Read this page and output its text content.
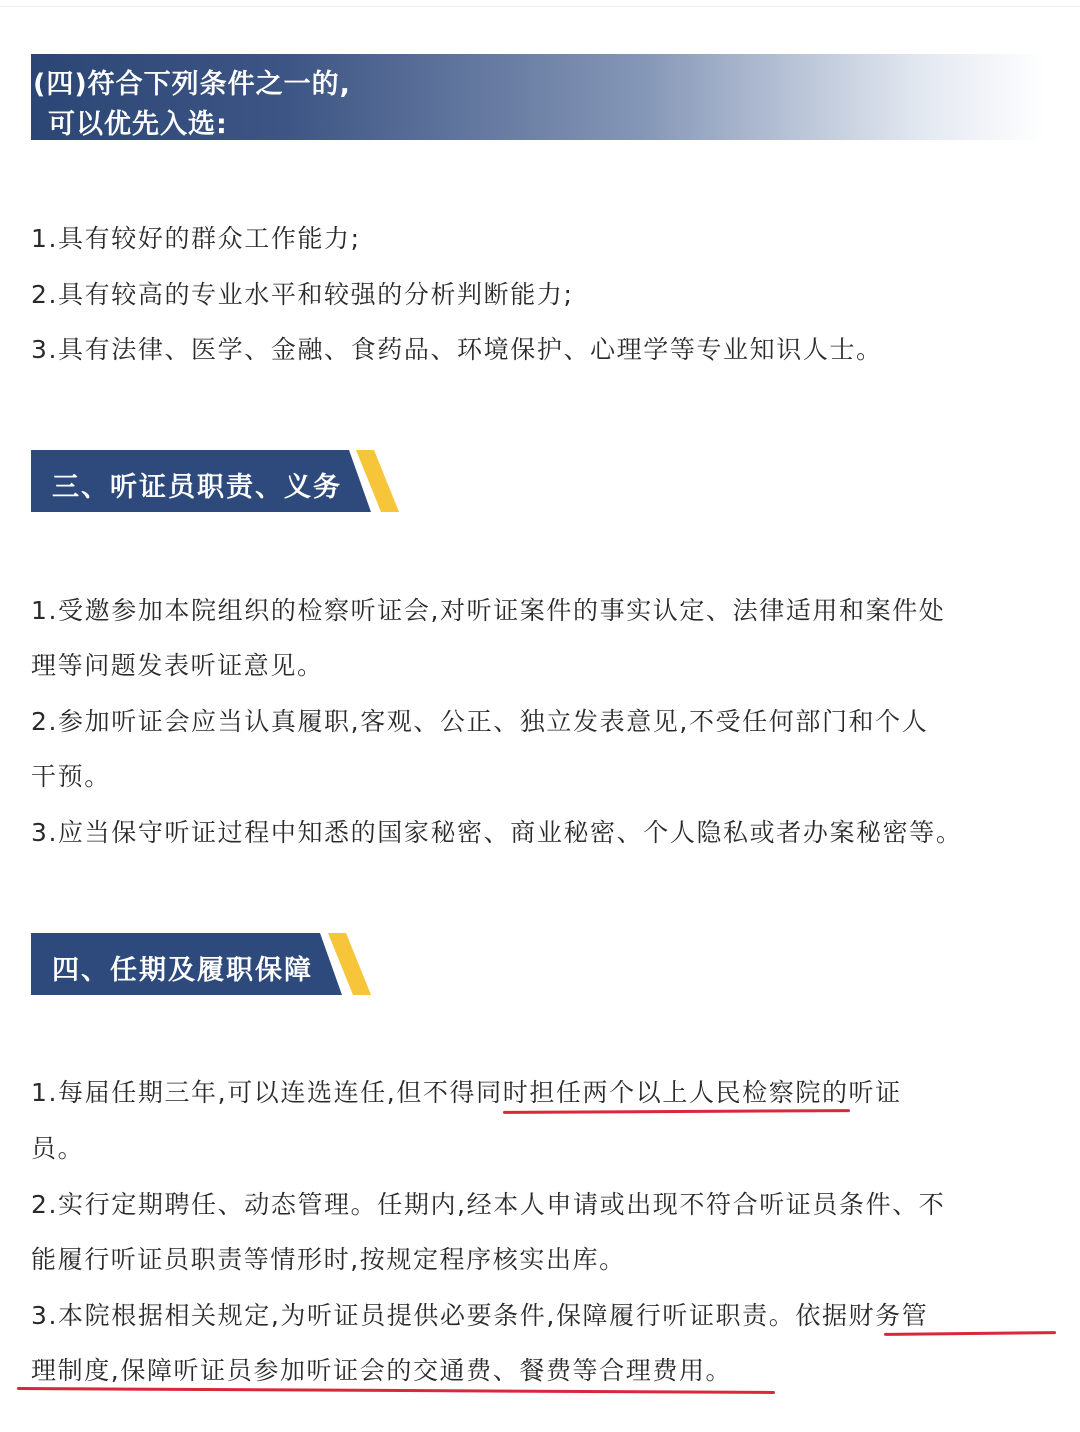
(四)符合下列条件之一的,
可以优先入选:
1.具有较好的群众工作能力;
2.具有较高的专业水平和较强的分析判断能力;
3.具有法律、医学、金融、食药品、环境保护、心理学等专业知识人士。
三、听证员职责、义务
1.受邀参加本院组织的检察听证会,对听证案件的事实认定、法律适用和案件处
理等问题发表听证意见。
2.参加听证会应当认真履职,客观、公正、独立发表意见,不受任何部门和个人
干预。
3.应当保守听证过程中知悉的国家秘密、商业秘密、个人隐私或者办案秘密等。
四、任期及履职保障
1.每届任期三年,可以连选连任,但不得同时担任两个以上人民检察院的听证
员。
2.实行定期聘任、动态管理。任期内,经本人申请或出现不符合听证员条件、不
能履行听证员职责等情形时,按规定程序核实出库。
3.本院根据相关规定,为听证员提供必要条件,保障履行听证职责。依据财务管
理制度,保障听证员参加听证会的交通费、餐费等合理费用。
